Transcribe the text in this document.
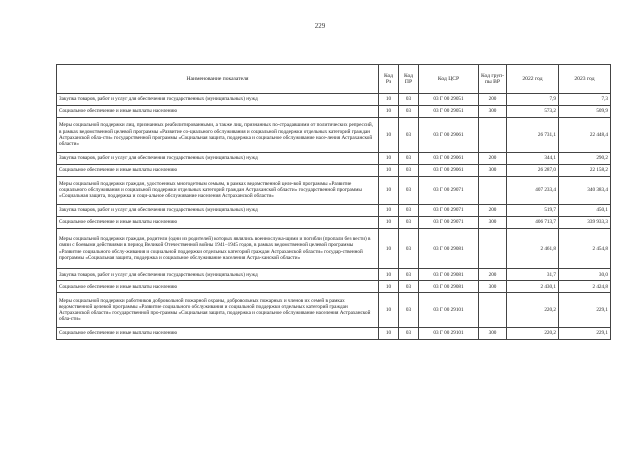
229
Наименование показателя	Код Рз	Код ПР	Код ЦСР	Код груп-пы ВР	2022 год	2023 год
Закупка товаров, работ и услуг для обеспечения государственных (муниципальных) нужд	10	03	03 Г 00 29051	200	7,9	7,3
Социальное обеспечение и иные выплаты населению	10	03	03 Г 00 29051	300	573,2	509,9
Меры социальной поддержки лиц, признанных реабилитированными, а также лиц, признанных по-страдавшими от политических репрессий, в рамках ведомственной целевой программы «Развитие со-циального обслуживания и социальной поддержки отдельных категорий граждан Астраханской обла-сти» государственной программы «Социальная защита, поддержка и социальное обслуживание насе-ления Астраханской области»	10	03	03 Г 00 29061		26 731,1	22 448,4
Закупка товаров, работ и услуг для обеспечения государственных (муниципальных) нужд	10	03	03 Г 00 29061	200	344,1	290,2
Социальное обеспечение и иные выплаты населению	10	03	03 Г 00 29061	300	26 287,0	22 158,2
Меры социальной поддержки граждан, удостоенных многодетным семьям, в рамках ведомственной целе-вой программы «Развитие социального обслуживания и социальной поддержки отдельных категорий граждан Астраханской области» государственной программы «Социальная защита, поддержка и соци-альное обслуживание населения Астраханской области»	10	03	03 Г 00 29071		407 233,4	340 383,4
Закупка товаров, работ и услуг для обеспечения государственных (муниципальных) нужд	10	03	03 Г 00 29071	200	519,7	450,1
Социальное обеспечение и иные выплаты населению	10	03	03 Г 00 29071	300	406 713,7	339 933,3
Меры социальной поддержки граждан, родители (одни из родителей) которых являлись военнослужа-щими и погибли (пропали без вести) в связи с боевыми действиями в период Великой Отечественной войны 1941–1945 годов, в рамках ведомственной целевой программы «Развитие социального обслу-живания и социальной поддержки отдельных категорий граждан Астраханской области» государ-ственной программы «Социальная защита, поддержка и социальное обслуживание населения Астра-ханской области»	10	03	03 Г 00 29081		2 461,8	2 454,8
Закупка товаров, работ и услуг для обеспечения государственных (муниципальных) нужд	10	03	03 Г 00 29081	200	31,7	30,0
Социальное обеспечение и иные выплаты населению	10	03	03 Г 00 29081	300	2 430,1	2 424,8
Меры социальной поддержки работников добровольной пожарной охраны, добровольных пожарных и членов их семей в рамках ведомственной целевой программы «Развитие социального обслуживания и социальной поддержки отдельных категорий граждан Астраханской области» государственной про-граммы «Социальная защита, поддержка и социальное обслуживание населения Астраханской обла-сти»	10	03	03 Г 00 29101		220,2	229,1
Социальное обеспечение и иные выплаты населению	10	03	03 Г 00 29101	300	220,2	229,1
